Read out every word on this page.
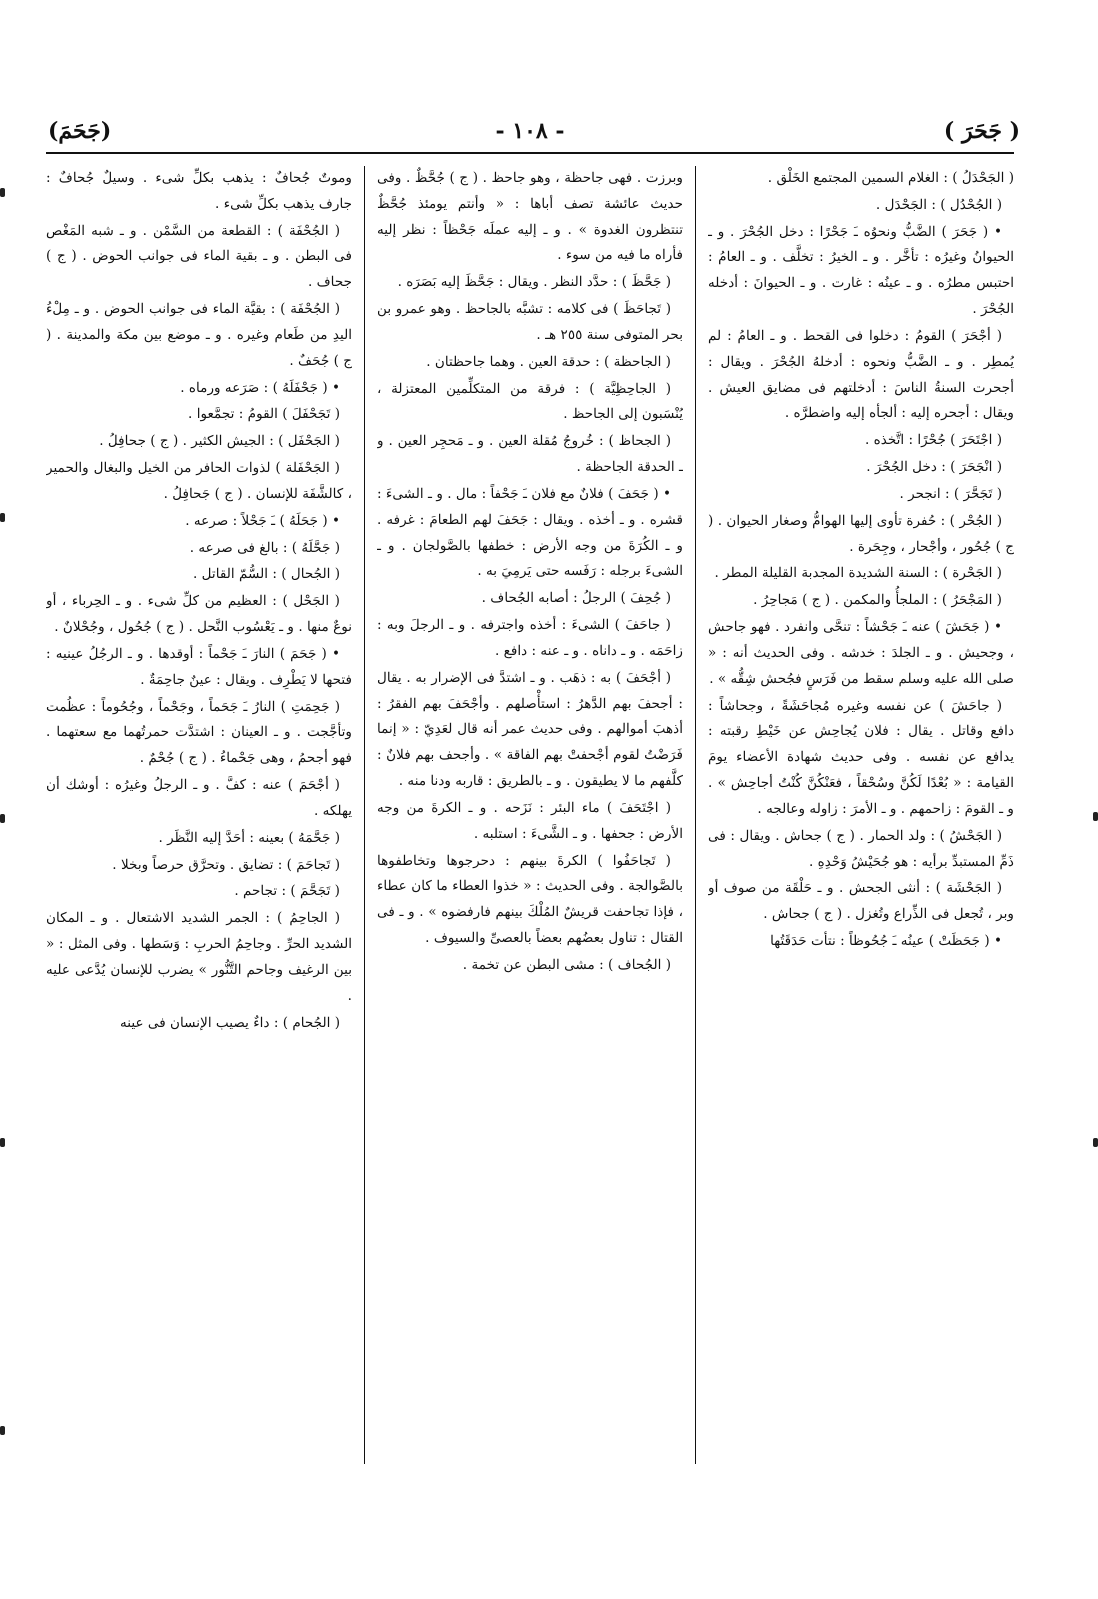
( جَحَرَ )
- ١٠٨ -
(جَحَمَ)

( الجَحْدَلُ ) : الغلام السمين المجتمع الخَلْق .

( الجُحْدُل ) : الجَحْدَل .

• ( جَحَرَ ) الضَّبُّ ونحوُه ـَ جَحْرًا : دخل الجُحْرَ . و ـ الحيوانُ وغيرُه : تأخَّر . و ـ الخيرُ : تخلَّف . و ـ العامُ : احتبس مطرُه . و ـ عينُه : غارت . و ـ الحيوانَ : أدخله الجُحْرَ .

( أجْحَرَ ) القومُ : دخلوا فى القحط . و ـ العامُ : لم يُمطِر . و ـ الضَّبُّ ونحوه : أدخلهُ الجُحْرَ . ويقال : أجحرت السنةُ الناسَ : أدخلتهم فى مضايق العيش . ويقال : أجحره إليه : ألجأه إليه واضطرَّه .

( اجْتَحَرَ ) جُحْرًا : اتَّخذه .

( انْجَحَرَ ) : دخل الجُحْرَ .

( تَجَحَّرَ ) : انجحر .

( الجُحْر ) : حُفرة تأوى إليها الهوامُّ وصغار الحيوان . ( ج ) جُحُور ، وأجْحار ، وجِحَرة .

( الجَحْرة ) : السنة الشديدة المجدبة القليلة المطر .

( المَجْحَرُ ) : الملجأُ والمكمن . ( ج ) مَجاحِرُ .

• ( جَحَشَ ) عنه ـَ جَحْشاً : تنحَّى وانفرد . فهو جاحش ، وجحيش . و ـ الجلدَ : خدشه . وفى الحديث أنه : « صلى الله عليه وسلم سقط من فَرَسٍ فجُحش شِقُّه » .

( جاحَشَ ) عن نفسه وغيره مُجاحَشَةً ، وجحاشاً : دافع وقاتل . يقال : فلان يُجاحِش عن خَيْطِ رقبته : يدافع عن نفسه . وفى حديث شهادة الأعضاء يومَ القيامة : « بُعْدًا لَكُنَّ وسُحْقاً ، فعَنْكُنَّ كُنْتُ أجاحِش » . و ـ القومَ : زاحمهم . و ـ الأمرَ : زاوله وعالجه .

( الجَحْشُ ) : ولد الحمار . ( ج ) جحاش . ويقال : فى ذَمِّ المستبدِّ برأيه : هو جُحَيْشُ وَحْدِهِ .

( الجَحْشَة ) : أنثى الجحش . و ـ حَلْقَة من صوف أو وبر ، تُجعل فى الذِّراع وتُغزل . ( ج ) جحاش .

• ( جَحَظَتْ ) عينُه ـَ جُحُوظاً : نتأت حَدَقَتُها

وبرزت . فهى جاحظة ، وهو جاحظ . ( ج ) جُحَّظٌ . وفى حديث عائشة تصف أباها : « وأنتم يومئذ جُحَّظٌ تنتظرون الغدوة » . و ـ إليه عملَه جَحْظاً : نظر إليه فأراه ما فيه من سوء .

( جَحَّظَ ) : حدَّد النظر . ويقال : جَحَّظَ إليه بَصَرَه .

( تَجاحَظَ ) فى كلامه : تشبَّه بالجاحظ . وهو عمرو بن بحر المتوفى سنة ٢٥٥ هـ .

( الجاحظة ) : حدقة العين . وهما جاحظتان .

( الجاحِظِيَّة ) : فرقة من المتكلِّمين المعتزلة ، يُنْسَبون إلى الجاحظ .

( الجحاظ ) : خُروجُ مُقلة العين . و ـ مَحجِر العين . و ـ الحدقة الجاحظة .

• ( جَحَفَ ) فلانٌ مع فلان ـَ جَحْفاً : مال . و ـ الشىءَ : قشره . و ـ أخذه . ويقال : جَحَفَ لهم الطعامَ : غرفه . و ـ الكُرَةَ من وجه الأرض : خطفها بالصَّولجان . و ـ الشىءَ برجله : رَفَسه حتى يَرمِيَ به .

( جُحِفَ ) الرجلُ : أصابه الجُحاف .

( جاحَفَ ) الشىءَ : أخذه واجترفه . و ـ الرجلَ وبه : زاحَمَه . و ـ داناه . و ـ عنه : دافع .

( أجْحَفَ ) به : ذهَب . و ـ اشتدَّ فى الإضرار به . يقال : أجحفَ بهم الدَّهرُ : استأْصلهم . وأجْحَفَ بهم الفقرُ : أذهبَ أموالهم . وفى حديث عمر أنه قال لعَدِيّ : « إنما فَرَضْتُ لقوم أجْحفتْ بهم الفاقة » . وأجحف بهم فلانٌ : كلَّفهم ما لا يطيقون . و ـ بالطريق : قاربه ودنا منه .

( اجْتَحَفَ ) ماء البئر : نَزَحه . و ـ الكرةَ من وجه الأرض : جحفها . و ـ الشَّىءَ : استلبه .

( تَجاحَفُوا ) الكرةَ بينهم : دحرجوها وتخاطفوها بالصَّوالجة . وفى الحديث : « خذوا العطاء ما كان عطاء ، فإذا تجاحفت قريشٌ المُلْكَ بينهم فارفضوه » . و ـ فى القتال : تناول بعضُهم بعضاً بالعصىِّ والسيوف .

( الجُحاف ) : مشى البطن عن تخمة .

وموتٌ جُحافٌ : يذهب بكلِّ شىء . وسيلٌ جُحافٌ : جارف يذهب بكلِّ شىء .

( الجُحْفَة ) : القطعة من السَّمْن . و ـ شبه المَغْص فى البطن . و ـ بقية الماء فى جوانب الحوض . ( ج ) جحاف .

( الجُحْفَة ) : بقيَّة الماء فى جوانب الحوض . و ـ مِلْءُ اليدِ من طَعام وغيره . و ـ موضع بين مكة والمدينة . ( ج ) جُحَفٌ .

• ( جَحْفَلَهُ ) : صَرَعه ورماه .

( تَجَحْفَلَ ) القومُ : تجمَّعوا .

( الجَحْفَل ) : الجيش الكثير . ( ج ) جحافِلُ .

( الجَحْفَلة ) لذوات الحافر من الخيل والبغال والحمير ، كالشَّفَة للإنسان . ( ج ) جَحافِلُ .

• ( جَحَلَهُ ) ـَ جَحْلاً : صرعه .

( جَحَّلَهُ ) : بالغ فى صرعه .

( الجُحال ) : السُّمّ القاتل .

( الجَحْل ) : العظيم من كلِّ شىء . و ـ الحِرباء ، أو نوعٌ منها . و ـ يَعْسُوب النَّحل . ( ج ) جُحُول ، وجُحْلانٌ .

• ( جَحَمَ ) النارَ ـَ جَحْماً : أوقدها . و ـ الرجُلُ عينيه : فتحها لا يَطْرِف . ويقال : عينٌ جاحِمَةٌ .

( جَحِمَتِ ) النارُ ـَ جَحَماً ، وجَحْماً ، وجُحُوماً : عظُمت وتأجَّجت . و ـ العينان : اشتدَّت حمرتُهما مع سعتهما . فهو أجحمُ ، وهى جَحْماءُ . ( ج ) جُحْمٌ .

( أجْحَمَ ) عنه : كفَّ . و ـ الرجلُ وغيرُه : أوشك أن يهلكه .

( جَحَّمَهُ ) بعينه : أحَدَّ إليه النَّظَر .

( تَجاحَمَ ) : تضايق . وتحرَّق حرصاً وبخلا .

( تَجَحَّمَ ) : تجاحم .

( الجاحِمُ ) : الجمر الشديد الاشتعال . و ـ المكان الشديد الحرِّ . وجاحِمُ الحربِ : وَسَطها . وفى المثل : « بين الرغيف وجاحم التَّنُّور » يضرب للإنسان يُدَّعى عليه .

( الجُحام ) : داءٌ يصيب الإنسان فى عينه
